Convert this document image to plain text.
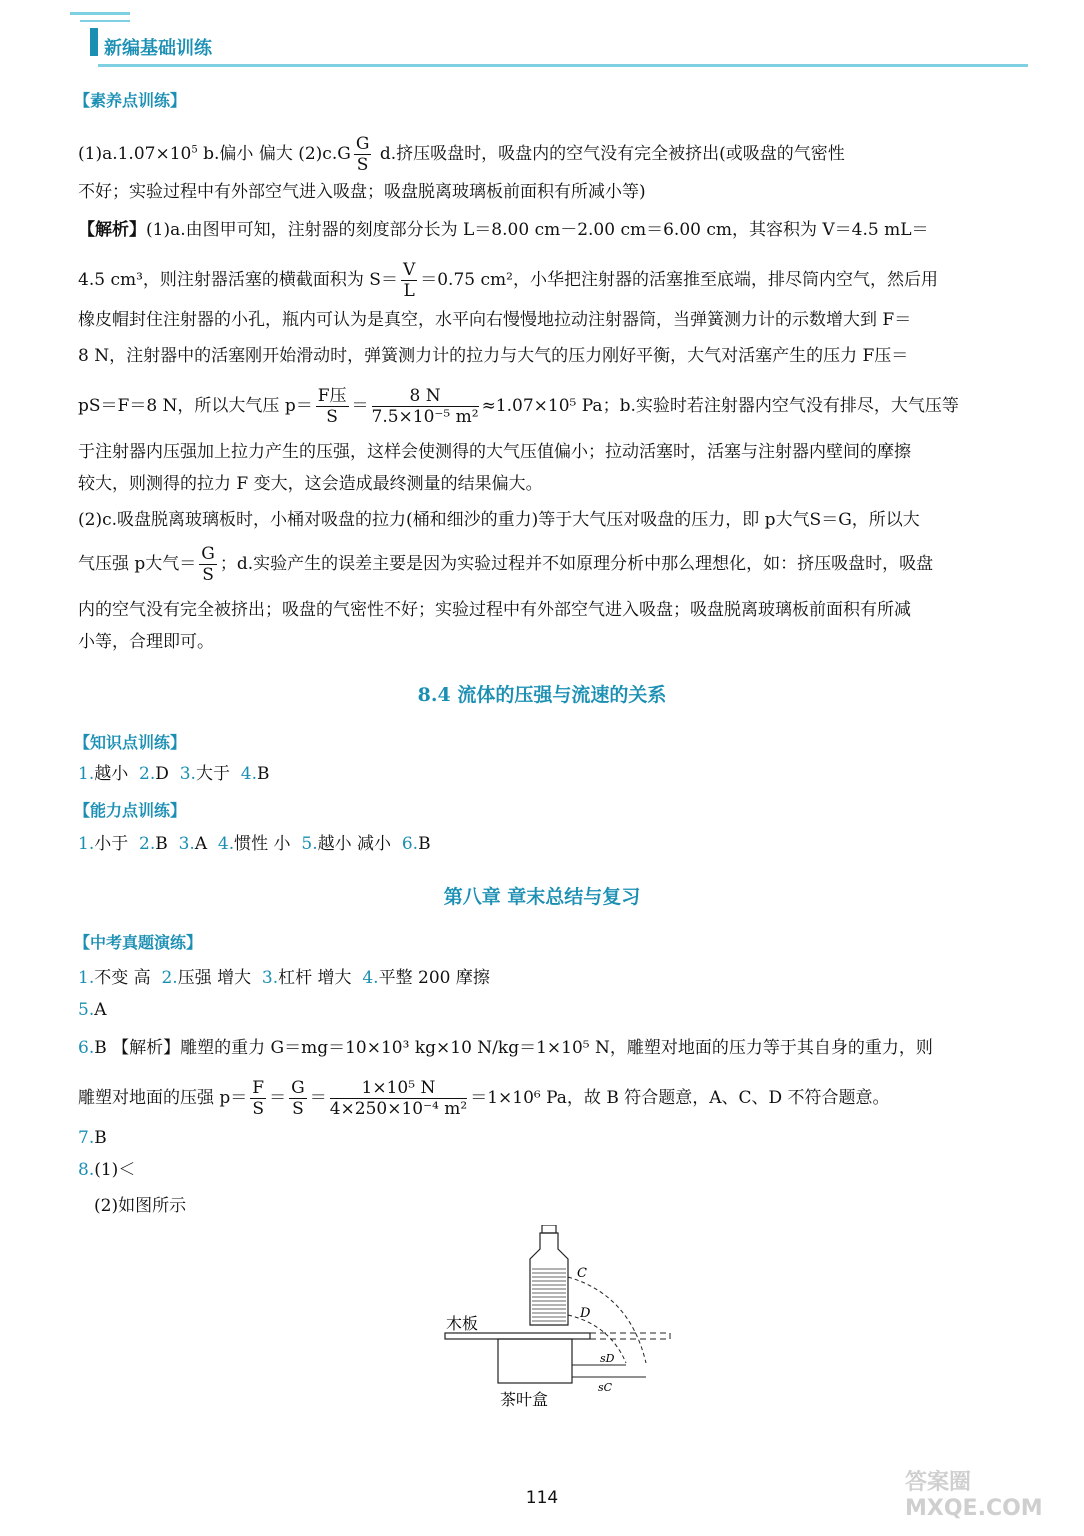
新编基础训练
【素养点训练】
$(1)a.1.07\times 10^5$ b.偏小 偏大 $(2)c.G \frac{G}{S} d$.挤压吸盘时，吸盘内的空气没有完全被挤出(或吸盘的气密性
不好；实验过程中有外部空气进入吸盘；吸盘脱离玻璃板前面积有所减小等)
【解析】(1)a.由图甲可知，注射器的刻度部分长为 L＝8.00 cm－2.00 cm＝6.00 cm，其容积为 V＝4.5 mL＝
4.5 cm³，则注射器活塞的横截面积为 $S= \frac{V}{L} =0.75$ cm²，小华把注射器的活塞推至底端，排尽筒内空气，然后用
橡皮帽封住注射器的小孔，瓶内可认为是真空，水平向右慢慢地拉动注射器筒，当弹簧测力计的示数增大到 F＝
8 N，注射器中的活塞刚开始滑动时，弹簧测力计的拉力与大气的压力刚好平衡，大气对活塞产生的压力 F压＝
pS＝F＝8 N，所以大气压 $p= \frac{\text{F压}}{S} = \frac{8 N}{\text{7.5×10⁻⁵ m²}} \approx 1.07\times 10^5$ Pa；b.实验时若注射器内空气没有排尽，大气压等
于注射器内压强加上拉力产生的压强，这样会使测得的大气压值偏小；拉动活塞时，活塞与注射器内壁间的摩擦
较大，则测得的拉力 F 变大，这会造成最终测量的结果偏大。
(2)c.吸盘脱离玻璃板时，小桶对吸盘的拉力(桶和细沙的重力)等于大气压对吸盘的压力，即 p大气S＝G，所以大
气压强 p大气＝ $\frac{G}{S}$ ；d.实验产生的误差主要是因为实验过程并不如原理分析中那么理想化，如：挤压吸盘时，吸盘
内的空气没有完全被挤出；吸盘的气密性不好；实验过程中有外部空气进入吸盘；吸盘脱离玻璃板前面积有所减
小等，合理即可。
8.4 流体的压强与流速的关系
【知识点训练】
1.越小 2.D 3.大于 4.B
【能力点训练】
1.小于 2.B 3.A 4.惯性 小 5.越小 减小 6.B
第八章 章末总结与复习
【中考真题演练】
1.不变 高 2.压强 增大 3.杠杆 增大 4.平整 200 摩擦
5.A
6.B 【解析】雕塑的重力 G＝mg＝10×10³ kg×10 N/kg＝1×10⁵ N，雕塑对地面的压力等于其自身的重力，则
雕塑对地面的压强 $p= \frac{F}{S} = \frac{G}{S} = \frac{\text{1×10⁵ N}}{\text{4×250×10⁻⁴ m²}} =1\times 10^6$ Pa，故 B 符合题意，A、C、D 不符合题意。
7.B
8.(1)＜
(2)如图所示
C
D
sD
sC
木板
茶叶盒
114
答案圈 MXQE.COM
